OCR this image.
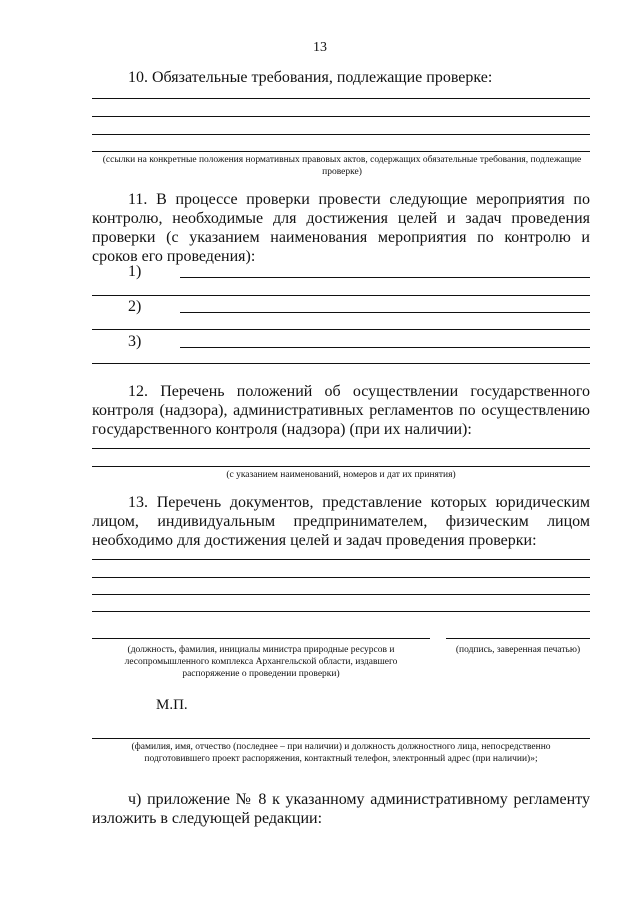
13

10. Обязательные требования, подлежащие проверке:

(ссылки на конкретные положения нормативных правовых актов, содержащих обязательные требования, подлежащие проверке)

11. В процессе проверки провести следующие мероприятия по контролю, необходимые для достижения целей и задач проведения проверки (с указанием наименования мероприятия по контролю и сроков его проведения):

1)
2)
3)

12. Перечень положений об осуществлении государственного контроля (надзора), административных регламентов по осуществлению государственного контроля (надзора) (при их наличии):

(с указанием наименований, номеров и дат их принятия)

13. Перечень документов, представление которых юридическим лицом, индивидуальным предпринимателем, физическим лицом необходимо для достижения целей и задач проведения проверки:

(должность, фамилия, инициалы министра природные ресурсов и лесопромышленного комплекса Архангельской области, издавшего распоряжение о проведении проверки)

(подпись, заверенная печатью)

М.П.

(фамилия, имя, отчество (последнее – при наличии) и должность должностного лица, непосредственно подготовившего проект распоряжения, контактный телефон, электронный адрес (при наличии)»;

ч) приложение № 8 к указанному административному регламенту изложить в следующей редакции:
